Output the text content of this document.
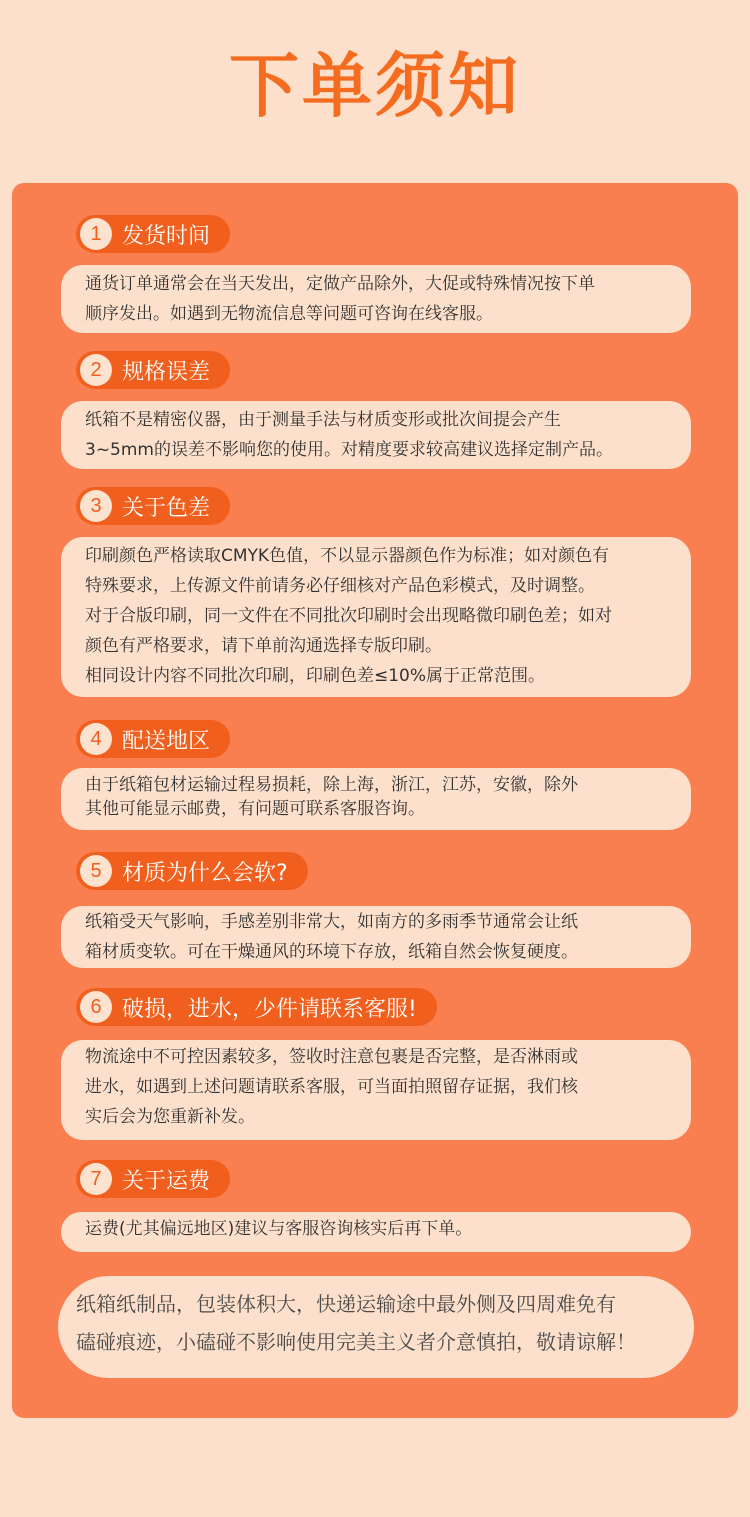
下单须知
1 发货时间
通货订单通常会在当天发出，定做产品除外，大促或特殊情况按下单
顺序发出。如遇到无物流信息等问题可咨询在线客服。
2 规格误差
纸箱不是精密仪器，由于测量手法与材质变形或批次间提会产生
3~5mm的误差不影响您的使用。对精度要求较高建议选择定制产品。
3 关于色差
印刷颜色严格读取CMYK色值，不以显示器颜色作为标准；如对颜色有
特殊要求，上传源文件前请务必仔细核对产品色彩模式，及时调整。
对于合版印刷，同一文件在不同批次印刷时会出现略微印刷色差；如对
颜色有严格要求，请下单前沟通选择专版印刷。
相同设计内容不同批次印刷，印刷色差≤10%属于正常范围。
4 配送地区
由于纸箱包材运输过程易损耗，除上海，浙江，江苏，安徽，除外
其他可能显示邮费，有问题可联系客服咨询。
5 材质为什么会软?
纸箱受天气影响，手感差别非常大，如南方的多雨季节通常会让纸
箱材质变软。可在干燥通风的环境下存放，纸箱自然会恢复硬度。
6 破损，进水，少件请联系客服!
物流途中不可控因素较多，签收时注意包裹是否完整，是否淋雨或
进水，如遇到上述问题请联系客服，可当面拍照留存证据，我们核
实后会为您重新补发。
7 关于运费
运费(尤其偏远地区)建议与客服咨询核实后再下单。
纸箱纸制品，包装体积大，快递运输途中最外侧及四周难免有
磕碰痕迹，小磕碰不影响使用完美主义者介意慎拍，敬请谅解！
